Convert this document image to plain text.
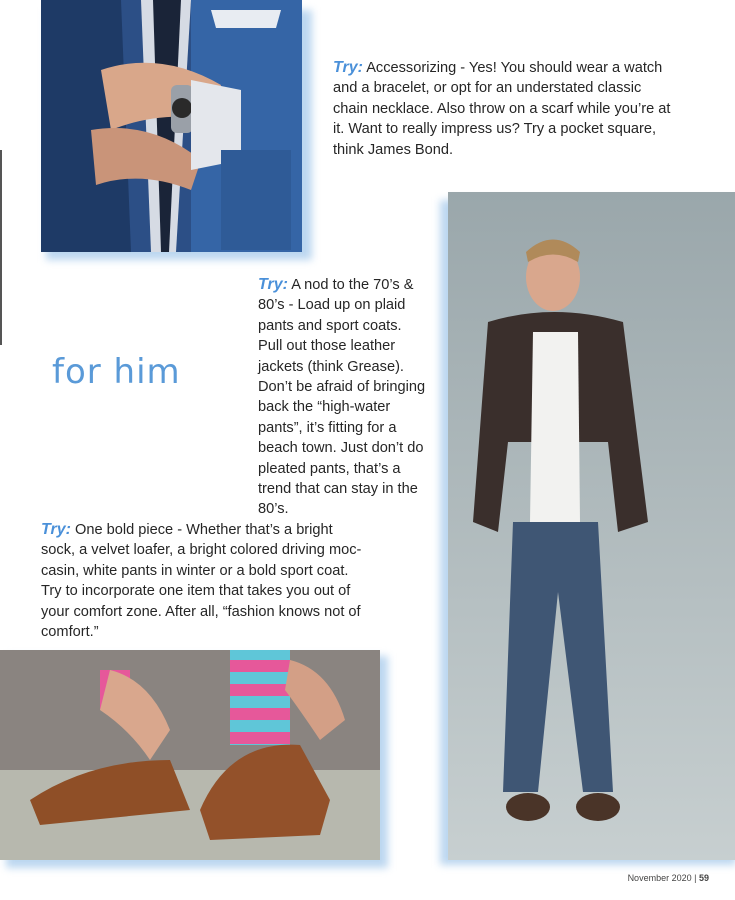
Try: Accessorizing - Yes! You should wear a watch and a bracelet, or opt for an understated classic chain necklace. Also throw on a scarf while you’re at it. Want to really impress us? Try a pocket square, think James Bond.
for him
Try: A nod to the 70’s & 80’s - Load up on plaid pants and sport coats. Pull out those leather jackets (think Grease). Don’t be afraid of bringing back the “high-water pants”, it’s fitting for a beach town. Just don’t do pleated pants, that’s a trend that can stay in the 80’s.
Try: One bold piece - Whether that’s a bright sock, a velvet loafer, a bright colored driving moc-casin, white pants in winter or a bold sport coat. Try to incorporate one item that takes you out of your comfort zone. After all, “fashion knows not of comfort.”
November 2020 | 59
